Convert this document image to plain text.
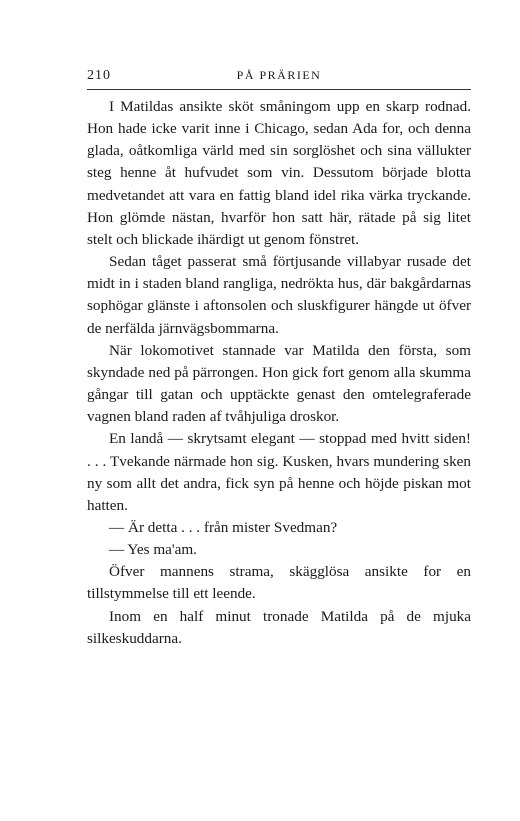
210	PÅ PRÄRIEN

I Matildas ansikte sköt småningom upp en skarp rodnad. Hon hade icke varit inne i Chicago, sedan Ada for, och denna glada, oåtkomliga värld med sin sorglöshet och sina vällukter steg henne åt hufvudet som vin. Dessutom började blotta medvetandet att vara en fattig bland idel rika värka tryckande. Hon glömde nästan, hvarför hon satt här, rätade på sig litet stelt och blickade ihärdigt ut genom fönstret.

Sedan tåget passerat små förtjusande villabyar rusade det midt in i staden bland rangliga, nedrökta hus, där bakgårdarnas sophögar glänste i aftonsolen och sluskfigurer hängde ut öfver de nerfälda järnvägsbommarna.

När lokomotivet stannade var Matilda den första, som skyndade ned på pärrongen. Hon gick fort genom alla skumma gångar till gatan och upptäckte genast den omtelegraferade vagnen bland raden af tvåhjuliga droskor.

En landå — skrytsamt elegant — stoppad med hvitt siden! . . . Tvekande närmade hon sig. Kusken, hvars mundering sken ny som allt det andra, fick syn på henne och höjde piskan mot hatten.

— Är detta . . . från mister Svedman?

— Yes ma'am.

Öfver mannens strama, skägglösa ansikte for en tillstymmelse till ett leende.

Inom en half minut tronade Matilda på de mjuka silkeskuddarna.
